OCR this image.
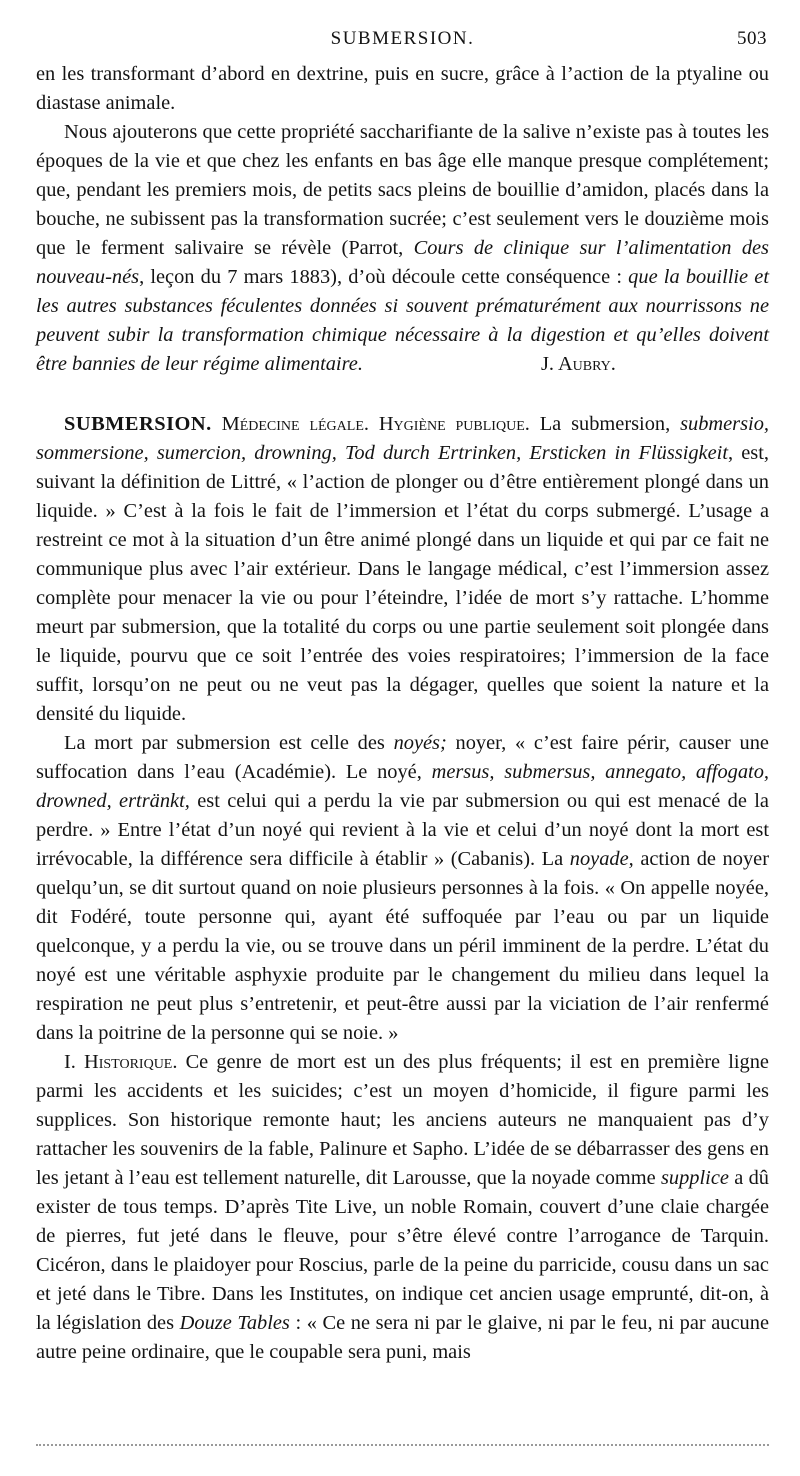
SUBMERSION.	503

en les transformant d’abord en dextrine, puis en sucre, grâce à l’action de la ptyaline ou diastase animale.

Nous ajouterons que cette propriété saccharifiante de la salive n’existe pas à toutes les époques de la vie et que chez les enfants en bas âge elle manque presque complétement; que, pendant les premiers mois, de petits sacs pleins de bouillie d’amidon, placés dans la bouche, ne subissent pas la transformation sucrée; c’est seulement vers le douzième mois que le ferment salivaire se révèle (Parrot, Cours de clinique sur l’alimentation des nouveau-nés, leçon du 7 mars 1883), d’où découle cette conséquence : que la bouillie et les autres substances féculentes données si souvent prématurément aux nourrissons ne peuvent subir la transformation chimique nécessaire à la digestion et qu’elles doivent être bannies de leur régime alimentaire.	J. Aubry.

SUBMERSION. Médecine légale. Hygiène publique. La submersion, submersio, sommersione, sumercion, drowning, Tod durch Ertrinken, Ersticken in Flüssigkeit, est, suivant la définition de Littré, « l’action de plonger ou d’être entièrement plongé dans un liquide. » C’est à la fois le fait de l’immersion et l’état du corps submergé. L’usage a restreint ce mot à la situation d’un être animé plongé dans un liquide et qui par ce fait ne communique plus avec l’air extérieur. Dans le langage médical, c’est l’immersion assez complète pour menacer la vie ou pour l’éteindre, l’idée de mort s’y rattache. L’homme meurt par submersion, que la totalité du corps ou une partie seulement soit plongée dans le liquide, pourvu que ce soit l’entrée des voies respiratoires; l’immersion de la face suffit, lorsqu’on ne peut ou ne veut pas la dégager, quelles que soient la nature et la densité du liquide.

La mort par submersion est celle des noyés; noyer, « c’est faire périr, causer une suffocation dans l’eau (Académie). Le noyé, mersus, submersus, annegato, affogato, drowned, ertränkt, est celui qui a perdu la vie par submersion ou qui est menacé de la perdre. » Entre l’état d’un noyé qui revient à la vie et celui d’un noyé dont la mort est irrévocable, la différence sera difficile à établir » (Cabanis). La noyade, action de noyer quelqu’un, se dit surtout quand on noie plusieurs personnes à la fois. « On appelle noyée, dit Fodéré, toute personne qui, ayant été suffoquée par l’eau ou par un liquide quelconque, y a perdu la vie, ou se trouve dans un péril imminent de la perdre. L’état du noyé est une véritable asphyxie produite par le changement du milieu dans lequel la respiration ne peut plus s’entretenir, et peut-être aussi par la viciation de l’air renfermé dans la poitrine de la personne qui se noie. »

I. Historique. Ce genre de mort est un des plus fréquents; il est en première ligne parmi les accidents et les suicides; c’est un moyen d’homicide, il figure parmi les supplices. Son historique remonte haut; les anciens auteurs ne manquaient pas d’y rattacher les souvenirs de la fable, Palinure et Sapho. L’idée de se débarrasser des gens en les jetant à l’eau est tellement naturelle, dit Larousse, que la noyade comme supplice a dû exister de tous temps. D’après Tite Live, un noble Romain, couvert d’une claie chargée de pierres, fut jeté dans le fleuve, pour s’être élevé contre l’arrogance de Tarquin. Cicéron, dans le plaidoyer pour Roscius, parle de la peine du parricide, cousu dans un sac et jeté dans le Tibre. Dans les Institutes, on indique cet ancien usage emprunté, dit-on, à la législation des Douze Tables : « Ce ne sera ni par le glaive, ni par le feu, ni par aucune autre peine ordinaire, que le coupable sera puni, mais
